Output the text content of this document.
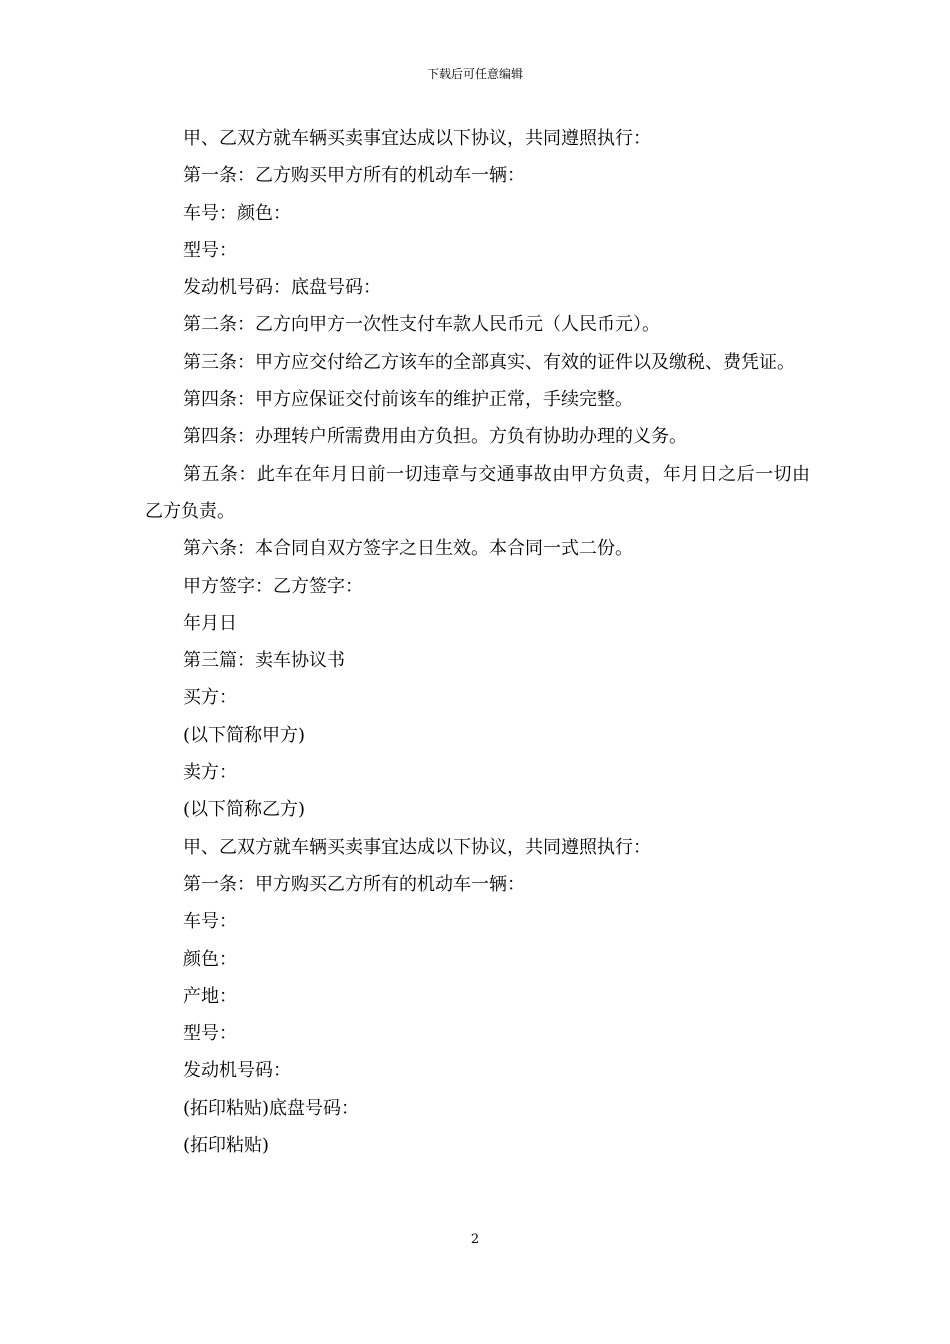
下载后可任意编辑

甲、乙双方就车辆买卖事宜达成以下协议，共同遵照执行：

第一条：乙方购买甲方所有的机动车一辆：

车号：颜色：

型号：

发动机号码：底盘号码：

第二条：乙方向甲方一次性支付车款人民币元（人民币元）。

第三条：甲方应交付给乙方该车的全部真实、有效的证件以及缴税、费凭证。

第四条：甲方应保证交付前该车的维护正常，手续完整。

第四条：办理转户所需费用由方负担。方负有协助办理的义务。

第五条：此车在年月日前一切违章与交通事故由甲方负责，年月日之后一切由乙方负责。

第六条：本合同自双方签字之日生效。本合同一式二份。

甲方签字：乙方签字：

年月日

第三篇：卖车协议书

买方：

(以下简称甲方)

卖方：

(以下简称乙方)

甲、乙双方就车辆买卖事宜达成以下协议，共同遵照执行：

第一条：甲方购买乙方所有的机动车一辆：

车号：

颜色：

产地：

型号：

发动机号码：

(拓印粘贴)底盘号码：

(拓印粘贴)

2
